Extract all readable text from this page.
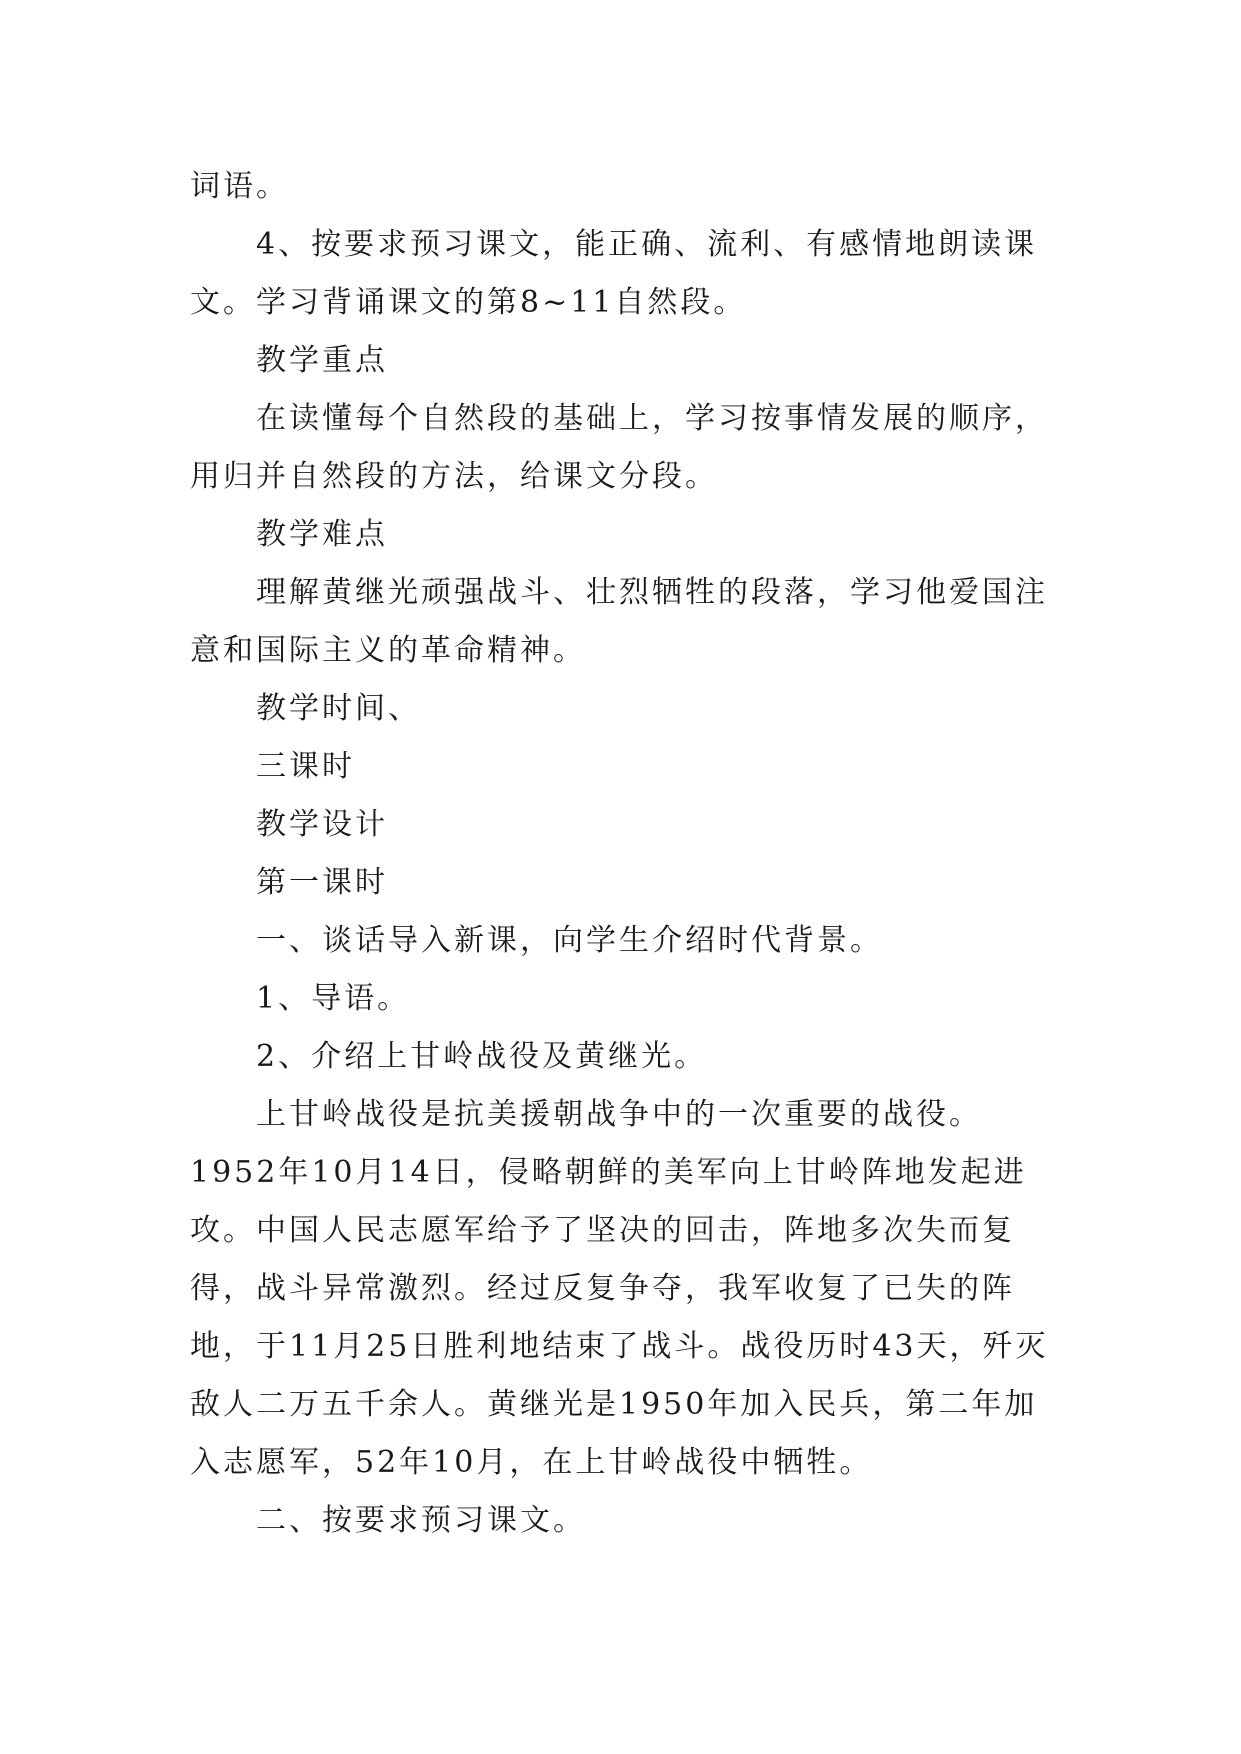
词语。

4、按要求预习课文，能正确、流利、有感情地朗读课文。学习背诵课文的第8~11自然段。

教学重点

在读懂每个自然段的基础上，学习按事情发展的顺序，用归并自然段的方法，给课文分段。

教学难点

理解黄继光顽强战斗、壮烈牺牲的段落，学习他爱国注意和国际主义的革命精神。

教学时间、

三课时

教学设计

第一课时

一、谈话导入新课，向学生介绍时代背景。

1、导语。

2、介绍上甘岭战役及黄继光。

上甘岭战役是抗美援朝战争中的一次重要的战役。1952年10月14日，侵略朝鲜的美军向上甘岭阵地发起进攻。中国人民志愿军给予了坚决的回击，阵地多次失而复得，战斗异常激烈。经过反复争夺，我军收复了已失的阵地，于11月25日胜利地结束了战斗。战役历时43天，歼灭敌人二万五千余人。黄继光是1950年加入民兵，第二年加入志愿军，52年10月，在上甘岭战役中牺牲。

二、按要求预习课文。
